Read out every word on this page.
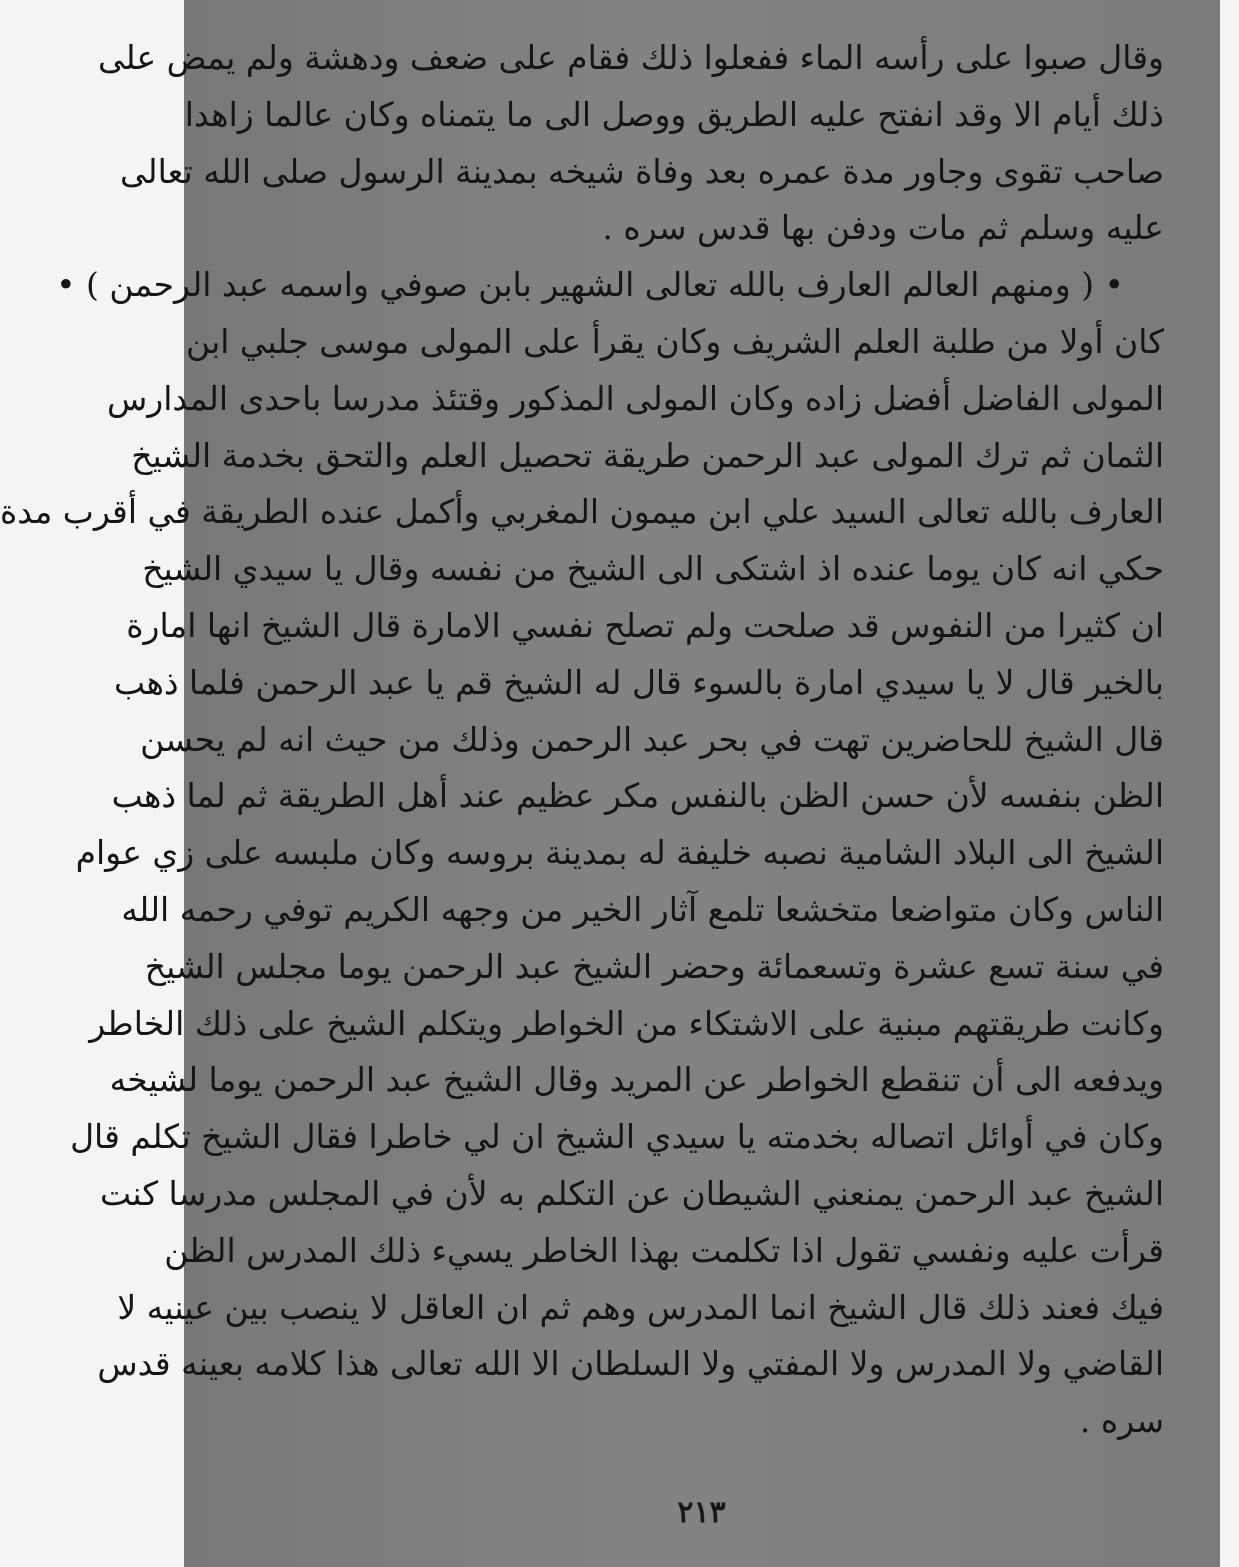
وقال صبوا على رأسه الماء ففعلوا ذلك فقام على ضعف ودهشة ولم يمض على
ذلك أيام الا وقد انفتح عليه الطريق ووصل الى ما يتمناه وكان عالما زاهدا
صاحب تقوى وجاور مدة عمره بعد وفاة شيخه بمدينة الرسول صلى الله تعالى
عليه وسلم ثم مات ودفن بها قدس سره .
• ( ومنهم العالم العارف بالله تعالى الشهير بابن صوفي واسمه عبد الرحمن ) •
كان أولا من طلبة العلم الشريف وكان يقرأ على المولى موسى جلبي ابن
المولى الفاضل أفضل زاده وكان المولى المذكور وقتئذ مدرسا باحدى المدارس
الثمان ثم ترك المولى عبد الرحمن طريقة تحصيل العلم والتحق بخدمة الشيخ
العارف بالله تعالى السيد علي ابن ميمون المغربي وأكمل عنده الطريقة في أقرب مدة
حكي انه كان يوما عنده اذ اشتكى الى الشيخ من نفسه وقال يا سيدي الشيخ
ان كثيرا من النفوس قد صلحت ولم تصلح نفسي الامارة قال الشيخ انها امارة
بالخير قال لا يا سيدي امارة بالسوء قال له الشيخ قم يا عبد الرحمن فلما ذهب
قال الشيخ للحاضرين تهت في بحر عبد الرحمن وذلك من حيث انه لم يحسن
الظن بنفسه لأن حسن الظن بالنفس مكر عظيم عند أهل الطريقة ثم لما ذهب
الشيخ الى البلاد الشامية نصبه خليفة له بمدينة بروسه وكان ملبسه على زي عوام
الناس وكان متواضعا متخشعا تلمع آثار الخير من وجهه الكريم توفي رحمه الله
في سنة تسع عشرة وتسعمائة وحضر الشيخ عبد الرحمن يوما مجلس الشيخ
وكانت طريقتهم مبنية على الاشتكاء من الخواطر ويتكلم الشيخ على ذلك الخاطر
ويدفعه الى أن تنقطع الخواطر عن المريد وقال الشيخ عبد الرحمن يوما لشيخه
وكان في أوائل اتصاله بخدمته يا سيدي الشيخ ان لي خاطرا فقال الشيخ تكلم قال
الشيخ عبد الرحمن يمنعني الشيطان عن التكلم به لأن في المجلس مدرسا كنت
قرأت عليه ونفسي تقول اذا تكلمت بهذا الخاطر يسيء ذلك المدرس الظن
فيك فعند ذلك قال الشيخ انما المدرس وهم ثم ان العاقل لا ينصب بين عينيه لا
القاضي ولا المدرس ولا المفتي ولا السلطان الا الله تعالى هذا كلامه بعينه قدس
سره .
٢١٣
